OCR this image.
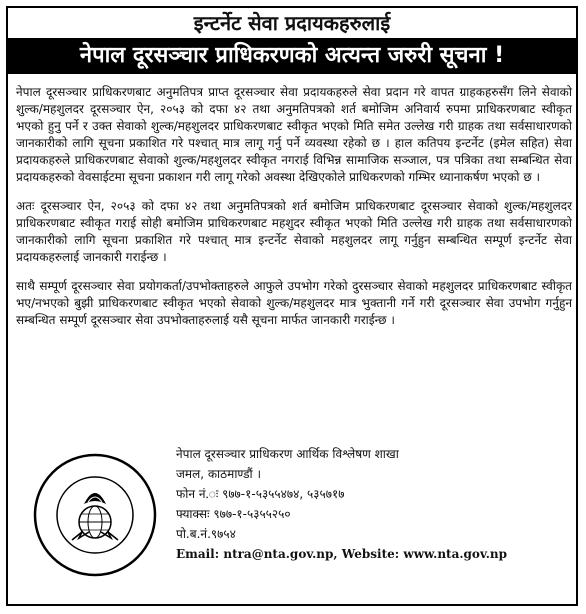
इन्टर्नेट सेवा प्रदायकहरुलाई
नेपाल दूरसञ्चार प्राधिकरणको अत्यन्त जरुरी सूचना !

नेपाल दूरसञ्चार प्राधिकरणबाट अनुमतिपत्र प्राप्त दूरसञ्चार सेवा प्रदायकहरुले सेवा प्रदान गरे वापत ग्राहकहरुसँग लिने सेवाको शुल्क/महशुलदर दूरसञ्चार ऐन, २०५३ को दफा ४२ तथा अनुमतिपत्रको शर्त बमोजिम अनिवार्य रुपमा प्राधिकरणबाट स्वीकृत भएको हुनु पर्ने र उक्त सेवाको शुल्क/महशुलदर प्राधिकरणबाट स्वीकृत भएको मिति समेत उल्लेख गरी ग्राहक तथा सर्वसाधारणको जानकारीको लागि सूचना प्रकाशित गरे पश्चात् मात्र लागू गर्नु पर्ने व्यवस्था रहेको छ । हाल कतिपय इन्टर्नेट (इमेल सहित) सेवा प्रदायकहरुले प्राधिकरणबाट सेवाको शुल्क/महशुलदर स्वीकृत नगराई विभिन्न सामाजिक सञ्जाल, पत्र पत्रिका तथा सम्बन्धित सेवा प्रदायकहरुको वेवसाईटमा सूचना प्रकाशन गरी लागू गरेको अवस्था देखिएकोले प्राधिकरणको गम्भिर ध्यानाकर्षण भएको छ ।

अतः दूरसञ्चार ऐन, २०५३ को दफा ४२ तथा अनुमतिपत्रको शर्त बमोजिम प्राधिकरणबाट दूरसञ्चार सेवाको शुल्क/महशुलदर प्राधिकरणबाट स्वीकृत गराई सोही बमोजिम प्राधिकरणबाट महशुदर स्वीकृत भएको मिति उल्लेख गरी ग्राहक तथा सर्वसाधारणको जानकारीको लागि सूचना प्रकाशित गरे पश्चात् मात्र इन्टर्नेट सेवाको महशुलदर लागू गर्नुहुन सम्बन्धित सम्पूर्ण इन्टर्नेट सेवा प्रदायकहरुलाई जानकारी गराईन्छ ।

साथै सम्पूर्ण दूरसञ्चार सेवा प्रयोगकर्ता/उपभोक्ताहरुले आफुले उपभोग गरेको दुरसञ्चार सेवाको महशुलदर प्राधिकरणबाट स्वीकृत भए/नभएको बुझी प्राधिकरणबाट स्वीकृत भएको सेवाको शुल्क/महशुलदर मात्र भुक्तानी गर्ने गरी दूरसञ्चार सेवा उपभोग गर्नुहुन सम्बन्धित सम्पूर्ण दूरसञ्चार सेवा उपभोक्ताहरुलाई यसै सूचना मार्फत जानकारी गराईन्छ ।

नेपाल दूरसञ्चार प्राधिकरण आर्थिक विश्लेषण शाखा
जमल, काठमाण्डौं ।
फोन नं.ः ९७७-१-५३५५४७४, ५३५७१७
फ्याक्सः ९७७-१-५३५५२५०
पो.ब.नं.९७५४
Email: ntra@nta.gov.np, Website: www.nta.gov.np
